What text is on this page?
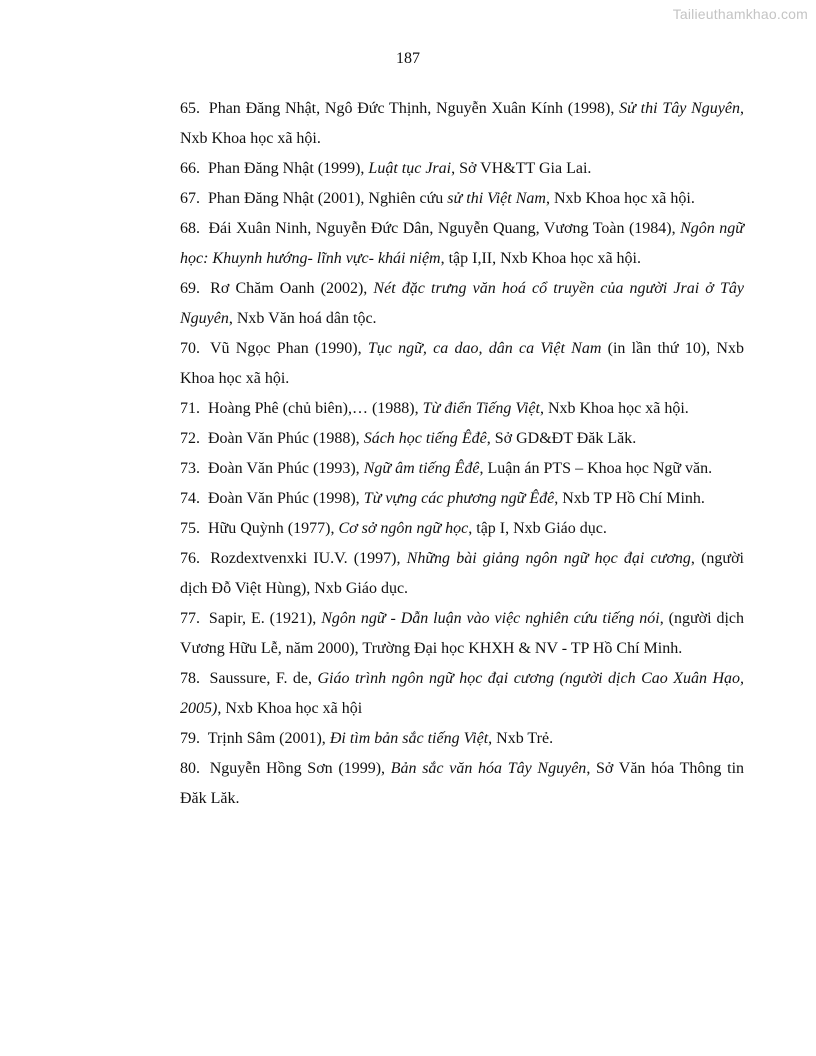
Tailieuthamkhao.com
187
65. Phan Đăng Nhật, Ngô Đức Thịnh, Nguyễn Xuân Kính (1998), Sử thi Tây Nguyên, Nxb Khoa học xã hội.
66. Phan Đăng Nhật (1999), Luật tục Jrai, Sở VH&TT Gia Lai.
67. Phan Đăng Nhật (2001), Nghiên cứu sử thi Việt Nam, Nxb Khoa học xã hội.
68. Đái Xuân Ninh, Nguyễn Đức Dân, Nguyễn Quang, Vương Toàn (1984), Ngôn ngữ học: Khuynh hướng- lĩnh vực- khái niệm, tập I,II, Nxb Khoa học xã hội.
69. Rơ Chăm Oanh (2002), Nét đặc trưng văn hoá cổ truyền của người Jrai ở Tây Nguyên, Nxb Văn hoá dân tộc.
70. Vũ Ngọc Phan (1990), Tục ngữ, ca dao, dân ca Việt Nam (in lần thứ 10), Nxb Khoa học xã hội.
71. Hoàng Phê (chủ biên),… (1988), Từ điển Tiếng Việt, Nxb Khoa học xã hội.
72. Đoàn Văn Phúc (1988), Sách học tiếng Êđê, Sở GD&ĐT Đăk Lăk.
73. Đoàn Văn Phúc (1993), Ngữ âm tiếng Êđê, Luận án PTS – Khoa học Ngữ văn.
74. Đoàn Văn Phúc (1998), Từ vựng các phương ngữ Êđê, Nxb TP Hồ Chí Minh.
75. Hữu Quỳnh (1977), Cơ sở ngôn ngữ học, tập I, Nxb Giáo dục.
76. Rozdextvenxki IU.V. (1997), Những bài giảng ngôn ngữ học đại cương, (người dịch Đỗ Việt Hùng), Nxb Giáo dục.
77. Sapir, E. (1921), Ngôn ngữ - Dẫn luận vào việc nghiên cứu tiếng nói, (người dịch Vương Hữu Lễ, năm 2000), Trường Đại học KHXH & NV - TP Hồ Chí Minh.
78. Saussure, F. de, Giáo trình ngôn ngữ học đại cương (người dịch Cao Xuân Hạo, 2005), Nxb Khoa học xã hội
79. Trịnh Sâm (2001), Đi tìm bản sắc tiếng Việt, Nxb Trẻ.
80. Nguyễn Hồng Sơn (1999), Bản sắc văn hóa Tây Nguyên, Sở Văn hóa Thông tin Đăk Lăk.
